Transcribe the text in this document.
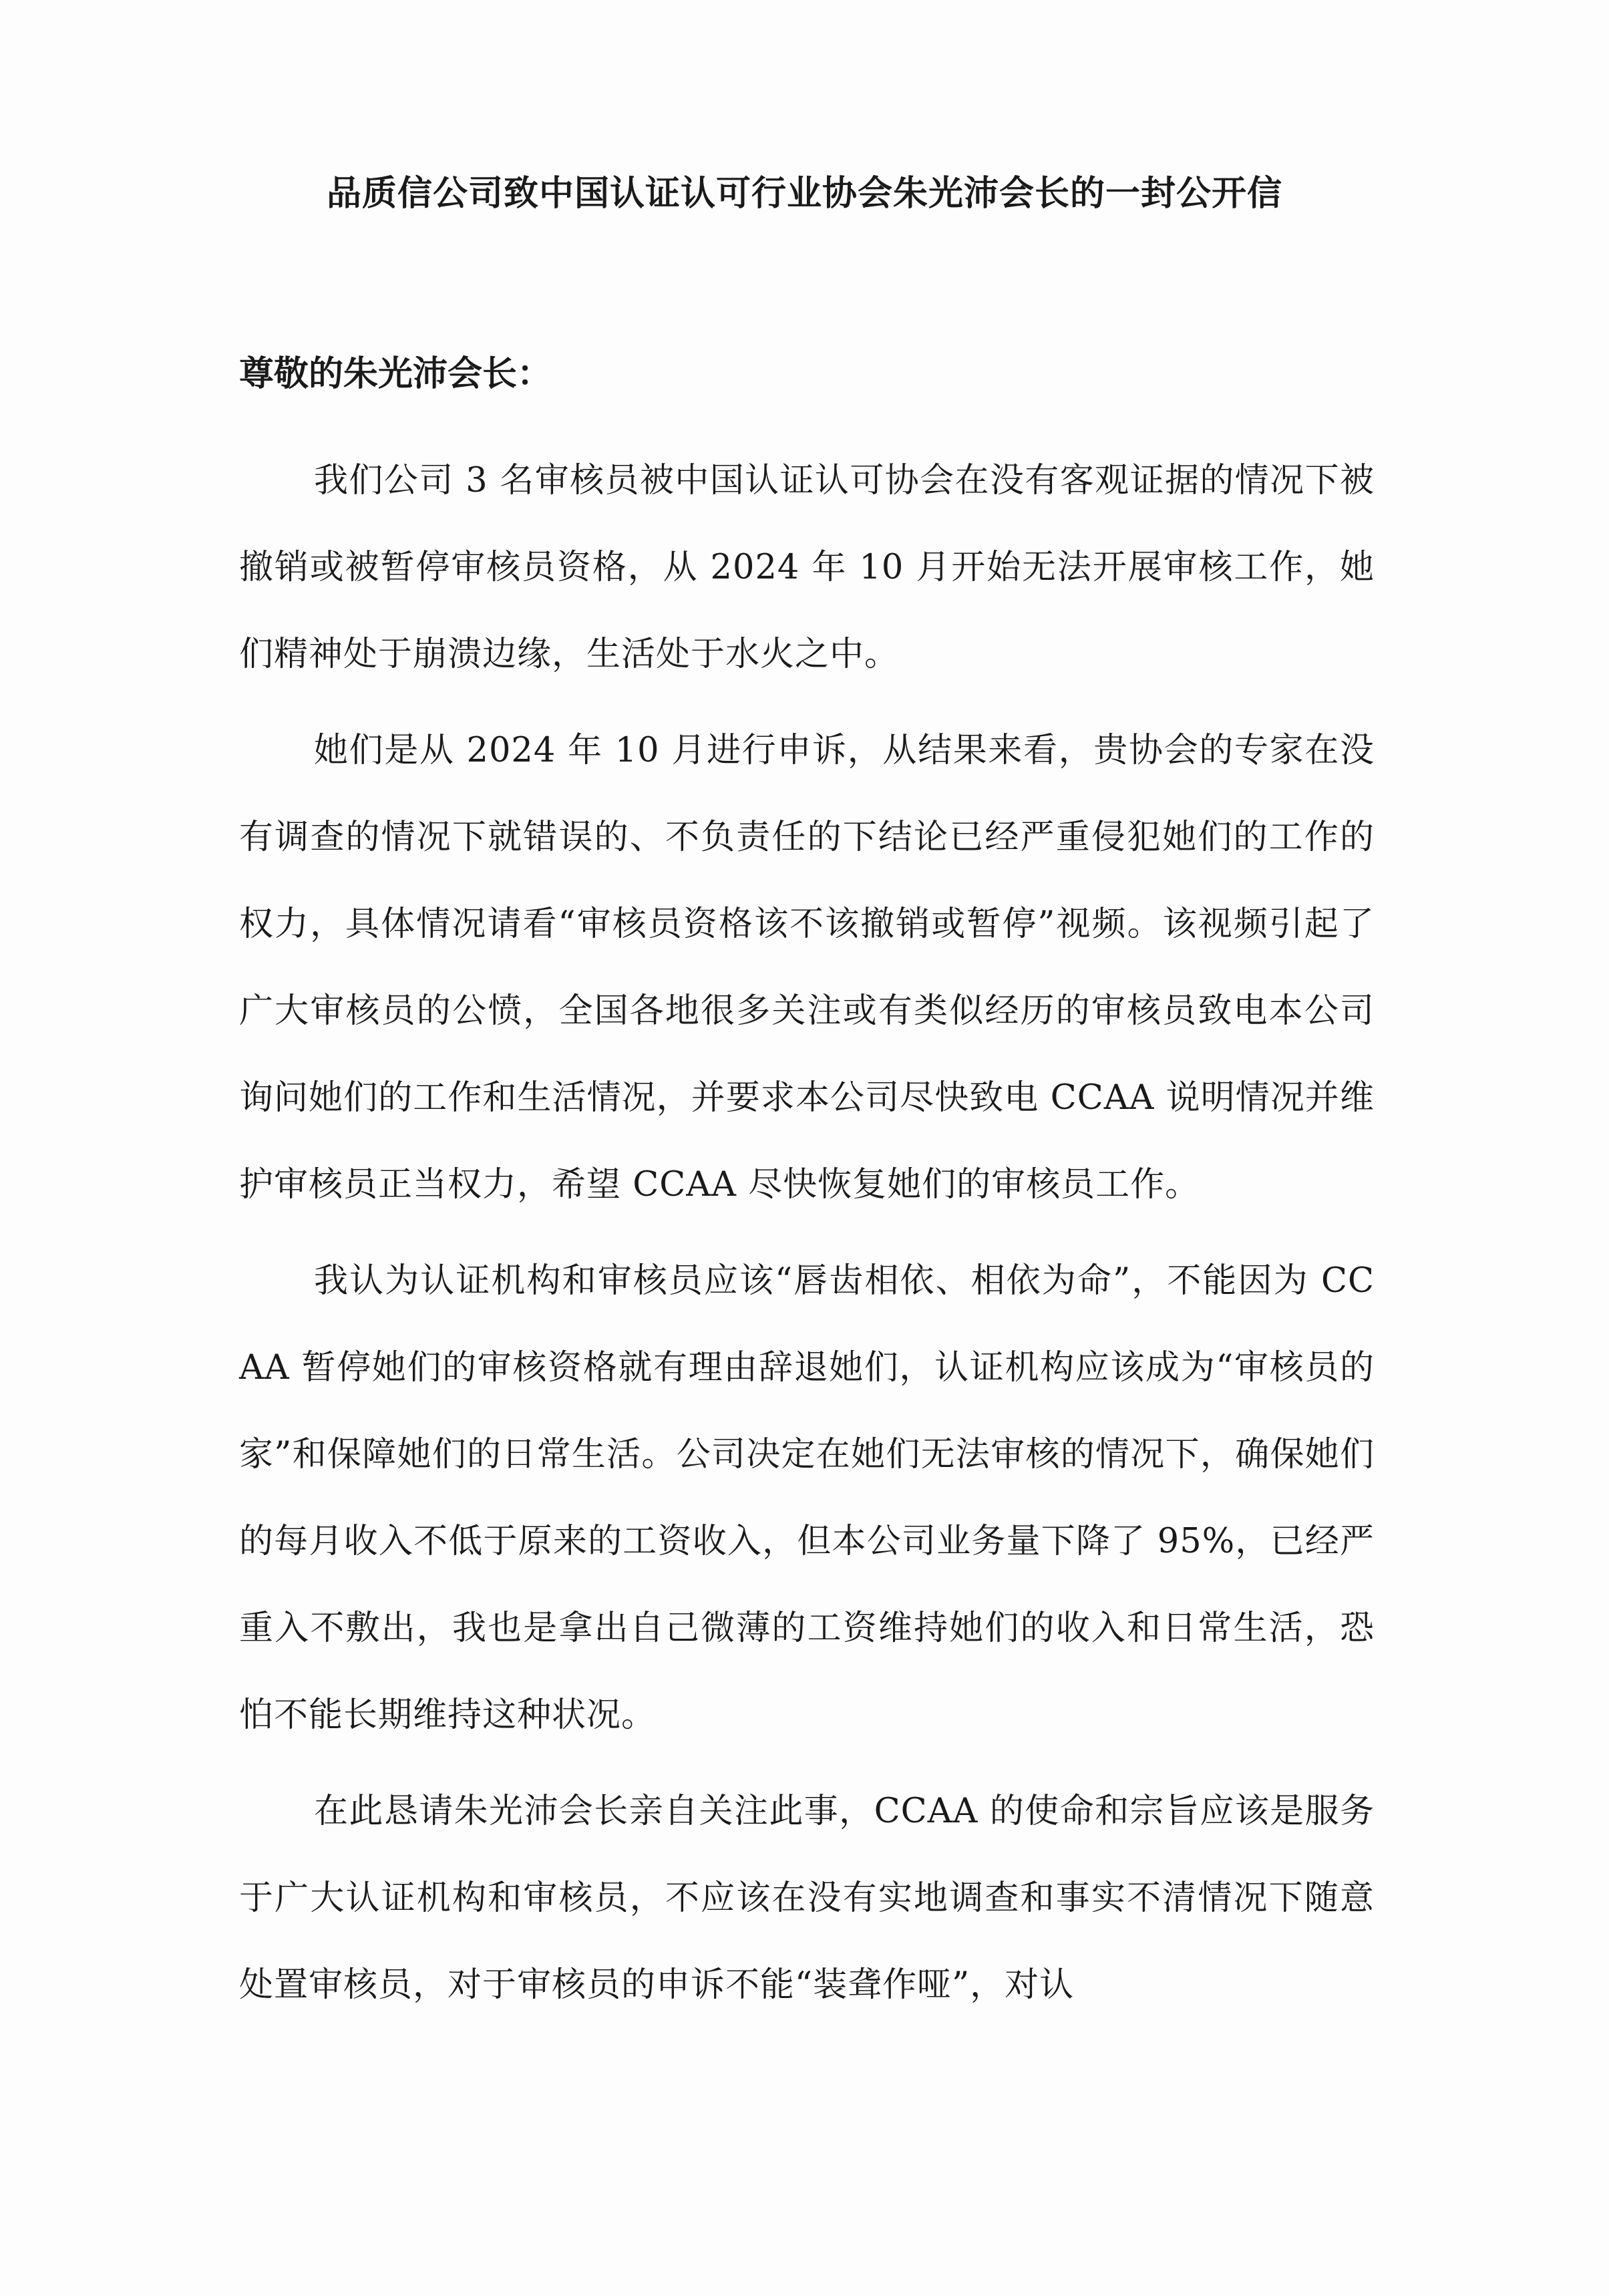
品质信公司致中国认证认可行业协会朱光沛会长的一封公开信

尊敬的朱光沛会长：

我们公司 3 名审核员被中国认证认可协会在没有客观证据的情况下被撤销或被暂停审核员资格，从 2024 年 10 月开始无法开展审核工作，她们精神处于崩溃边缘，生活处于水火之中。

她们是从 2024 年 10 月进行申诉，从结果来看，贵协会的专家在没有调查的情况下就错误的、不负责任的下结论已经严重侵犯她们的工作的权力，具体情况请看“审核员资格该不该撤销或暂停”视频。该视频引起了广大审核员的公愤，全国各地很多关注或有类似经历的审核员致电本公司询问她们的工作和生活情况，并要求本公司尽快致电 CCAA 说明情况并维护审核员正当权力，希望 CCAA 尽快恢复她们的审核员工作。

我认为认证机构和审核员应该“唇齿相依、相依为命”，不能因为 CCAA 暂停她们的审核资格就有理由辞退她们，认证机构应该成为“审核员的家”和保障她们的日常生活。公司决定在她们无法审核的情况下，确保她们的每月收入不低于原来的工资收入，但本公司业务量下降了 95%，已经严重入不敷出，我也是拿出自己微薄的工资维持她们的收入和日常生活，恐怕不能长期维持这种状况。

在此恳请朱光沛会长亲自关注此事，CCAA 的使命和宗旨应该是服务于广大认证机构和审核员，不应该在没有实地调查和事实不清情况下随意处置审核员，对于审核员的申诉不能“装聋作哑”，对认
